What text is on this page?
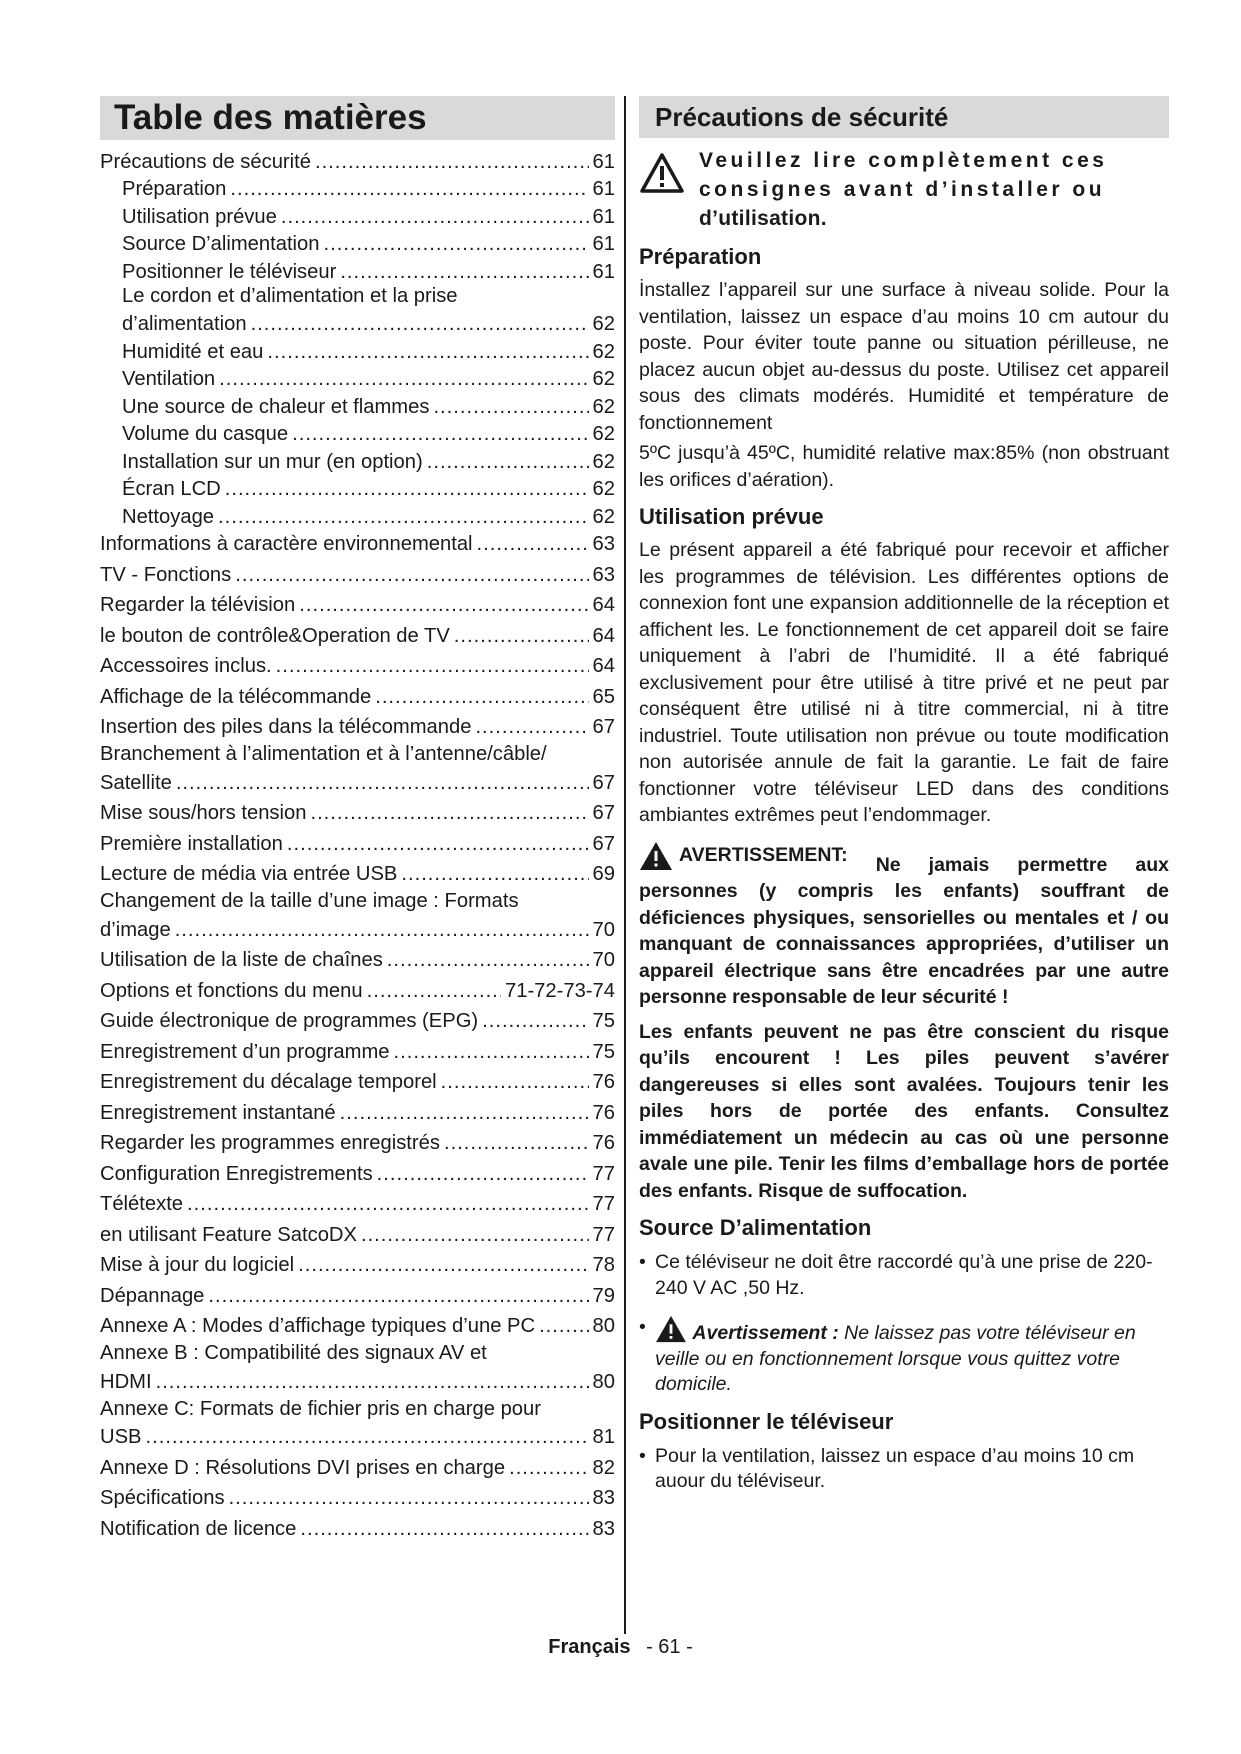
Table des matières
Précautions de sécurité .....	61
Préparation .....	61
Utilisation prévue .....	61
Source D’alimentation .....	61
Positionner le téléviseur .....	61
Le cordon et d’alimentation et la prise
d’alimentation .....	62
Humidité et eau .....	62
Ventilation .....	62
Une source de chaleur et flammes .....	62
Volume du casque .....	62
Installation sur un mur (en option) .....	62
Écran LCD .....	62
Nettoyage .....	62
Informations à caractère environnemental .....	63
TV - Fonctions .....	63
Regarder la télévision .....	64
le bouton de contrôle&Operation de TV .....	64
Accessoires inclus. .....	64
Affichage de la télécommande .....	65
Insertion des piles dans la télécommande .....	67
Branchement à l’alimentation et à l’antenne/câble/
Satellite .....	67
Mise sous/hors tension .....	67
Première installation .....	67
Lecture de média via entrée USB .....	69
Changement de la taille d’une image : Formats
d’image .....	70
Utilisation de la liste de chaînes .....	70
Options et fonctions du menu .....	71-72-73-74
Guide électronique de programmes (EPG) .....	75
Enregistrement d’un programme .....	75
Enregistrement du décalage temporel .....	76
Enregistrement instantané .....	76
Regarder les programmes enregistrés .....	76
Configuration Enregistrements .....	77
Télétexte .....	77
en utilisant Feature SatcoDX .....	77
Mise à jour du logiciel .....	78
Dépannage .....	79
Annexe A : Modes d’affichage typiques d’une PC .....	80
Annexe B : Compatibilité des signaux AV et
HDMI .....	80
Annexe C: Formats de fichier pris en charge pour
USB .....	81
Annexe D : Résolutions DVI prises en charge .....	82
Spécifications .....	83
Notification de licence .....	83
Précautions de sécurité
Veuillez lire complètement ces
consignes avant d’installer ou
d’utilisation.
Préparation

İnstallez l’appareil sur une surface à niveau solide. Pour la ventilation, laissez un espace d’au moins 10 cm autour du poste. Pour éviter toute panne ou situation périlleuse, ne placez aucun objet au-dessus du poste. Utilisez cet appareil sous des climats modérés. Humidité et température de fonctionnement

5ºC jusqu’à 45ºC, humidité relative max:85% (non obstruant les orifices d’aération).

Utilisation prévue

Le présent appareil a été fabriqué pour recevoir et afficher les programmes de télévision. Les différentes options de connexion font une expansion additionnelle de la réception et affichent les. Le fonctionnement de cet appareil doit se faire uniquement à l’abri de l’humidité. Il a été fabriqué exclusivement pour être utilisé à titre privé et ne peut par conséquent être utilisé ni à titre commercial, ni à titre industriel. Toute utilisation non prévue ou toute modification non autorisée annule de fait la garantie. Le fait de faire fonctionner votre téléviseur LED dans des conditions ambiantes extrêmes peut l’endommager.

AVERTISSEMENT: Ne jamais permettre aux personnes (y compris les enfants) souffrant de déficiences physiques, sensorielles ou mentales et / ou manquant de connaissances appropriées, d’utiliser un appareil électrique sans être encadrées par une autre personne responsable de leur sécurité !
Les enfants peuvent ne pas être conscient du risque qu’ils encourent ! Les piles peuvent s’avérer dangereuses si elles sont avalées. Toujours tenir les piles hors de portée des enfants. Consultez immédiatement un médecin au cas où une personne avale une pile. Tenir les films d’emballage hors de portée des enfants. Risque de suffocation.
Source D’alimentation
• Ce téléviseur ne doit être raccordé qu’à une prise de 220-240 V AC ,50 Hz.
•	Avertissement : Ne laissez pas votre téléviseur en veille ou en fonctionnement lorsque vous quittez votre domicile.
Positionner le téléviseur
• Pour la ventilation, laissez un espace d’au moins 10 cm auour du téléviseur.
Français - 61 -
